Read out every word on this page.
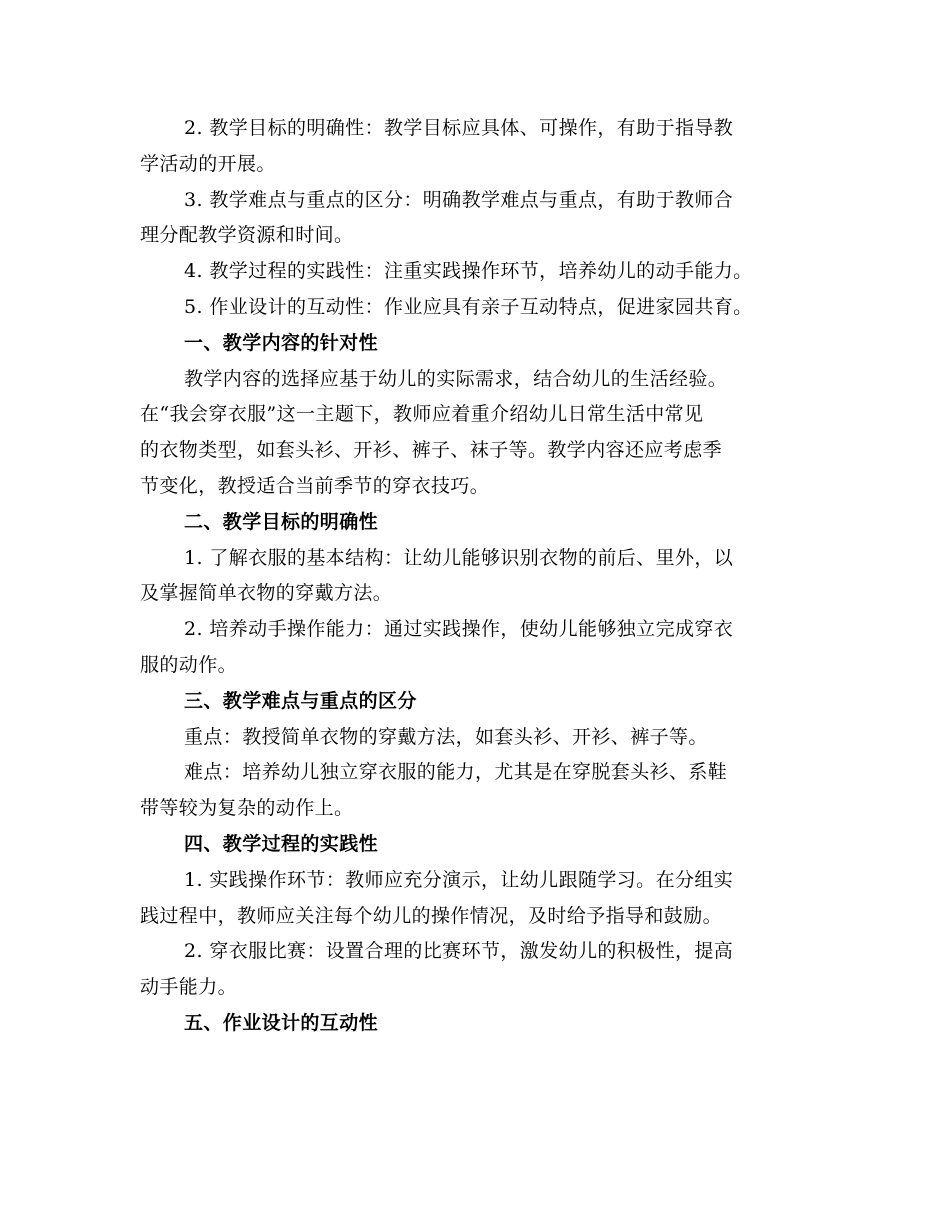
2. 教学目标的明确性：教学目标应具体、可操作，有助于指导教
学活动的开展。
3. 教学难点与重点的区分：明确教学难点与重点，有助于教师合
理分配教学资源和时间。
4. 教学过程的实践性：注重实践操作环节，培养幼儿的动手能力。
5. 作业设计的互动性：作业应具有亲子互动特点，促进家园共育。
一、教学内容的针对性
教学内容的选择应基于幼儿的实际需求，结合幼儿的生活经验。
在“我会穿衣服”这一主题下，教师应着重介绍幼儿日常生活中常见
的衣物类型，如套头衫、开衫、裤子、袜子等。教学内容还应考虑季
节变化，教授适合当前季节的穿衣技巧。
二、教学目标的明确性
1. 了解衣服的基本结构：让幼儿能够识别衣物的前后、里外，以
及掌握简单衣物的穿戴方法。
2. 培养动手操作能力：通过实践操作，使幼儿能够独立完成穿衣
服的动作。
三、教学难点与重点的区分
重点：教授简单衣物的穿戴方法，如套头衫、开衫、裤子等。
难点：培养幼儿独立穿衣服的能力，尤其是在穿脱套头衫、系鞋
带等较为复杂的动作上。
四、教学过程的实践性
1. 实践操作环节：教师应充分演示，让幼儿跟随学习。在分组实
践过程中，教师应关注每个幼儿的操作情况，及时给予指导和鼓励。
2. 穿衣服比赛：设置合理的比赛环节，激发幼儿的积极性，提高
动手能力。
五、作业设计的互动性
